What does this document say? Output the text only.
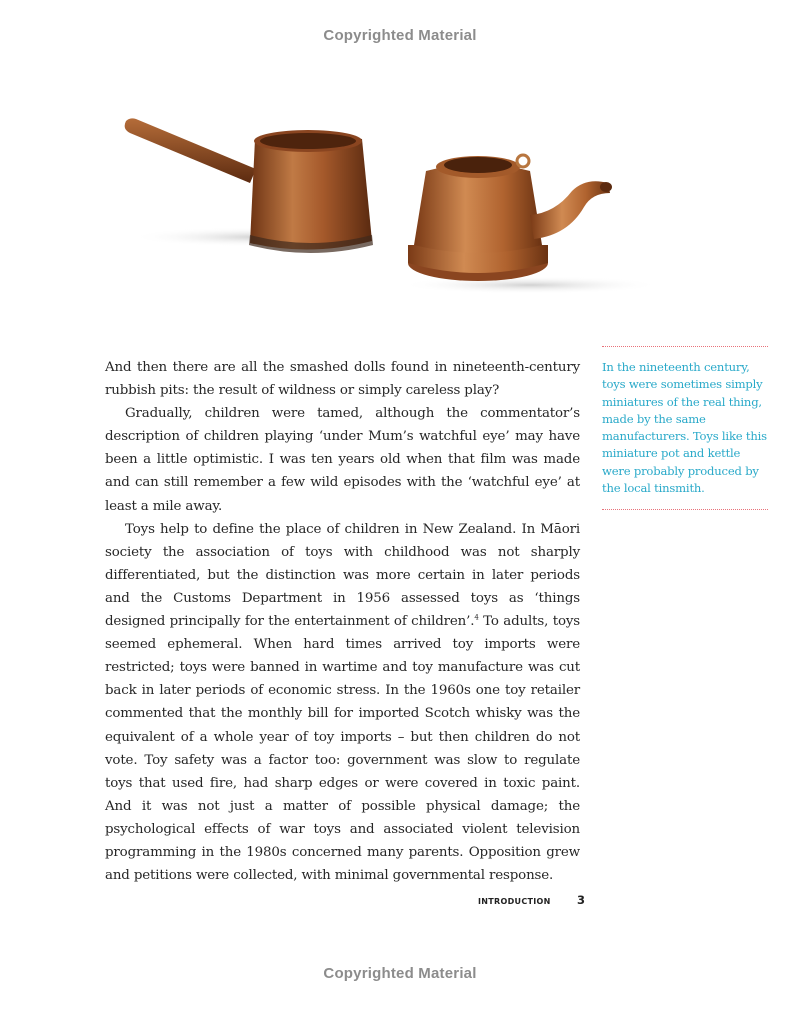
Copyrighted Material

And then there are all the smashed dolls found in nineteenth-century rubbish pits: the result of wildness or simply careless play?

Gradually, children were tamed, although the commentator’s description of children playing ‘under Mum’s watchful eye’ may have been a little optimistic. I was ten years old when that film was made and can still remember a few wild episodes with the ‘watchful eye’ at least a mile away.

Toys help to define the place of children in New Zealand. In Māori society the association of toys with childhood was not sharply differentiated, but the distinction was more certain in later periods and the Customs Department in 1956 assessed toys as ‘things designed principally for the entertainment of children’.$^4$ To adults, toys seemed ephemeral. When hard times arrived toy imports were restricted; toys were banned in wartime and toy manufacture was cut back in later periods of economic stress. In the 1960s one toy retailer commented that the monthly bill for imported Scotch whisky was the equivalent of a whole year of toy imports – but then children do not vote. Toy safety was a factor too: government was slow to regulate toys that used fire, had sharp edges or were covered in toxic paint. And it was not just a matter of possible physical damage; the psychological effects of war toys and associated violent television programming in the 1980s concerned many parents. Opposition grew and petitions were collected, with minimal governmental response.

In the nineteenth century, toys were sometimes simply miniatures of the real thing, made by the same manufacturers. Toys like this miniature pot and kettle were probably produced by the local tinsmith.

introduction 3
Copyrighted Material
